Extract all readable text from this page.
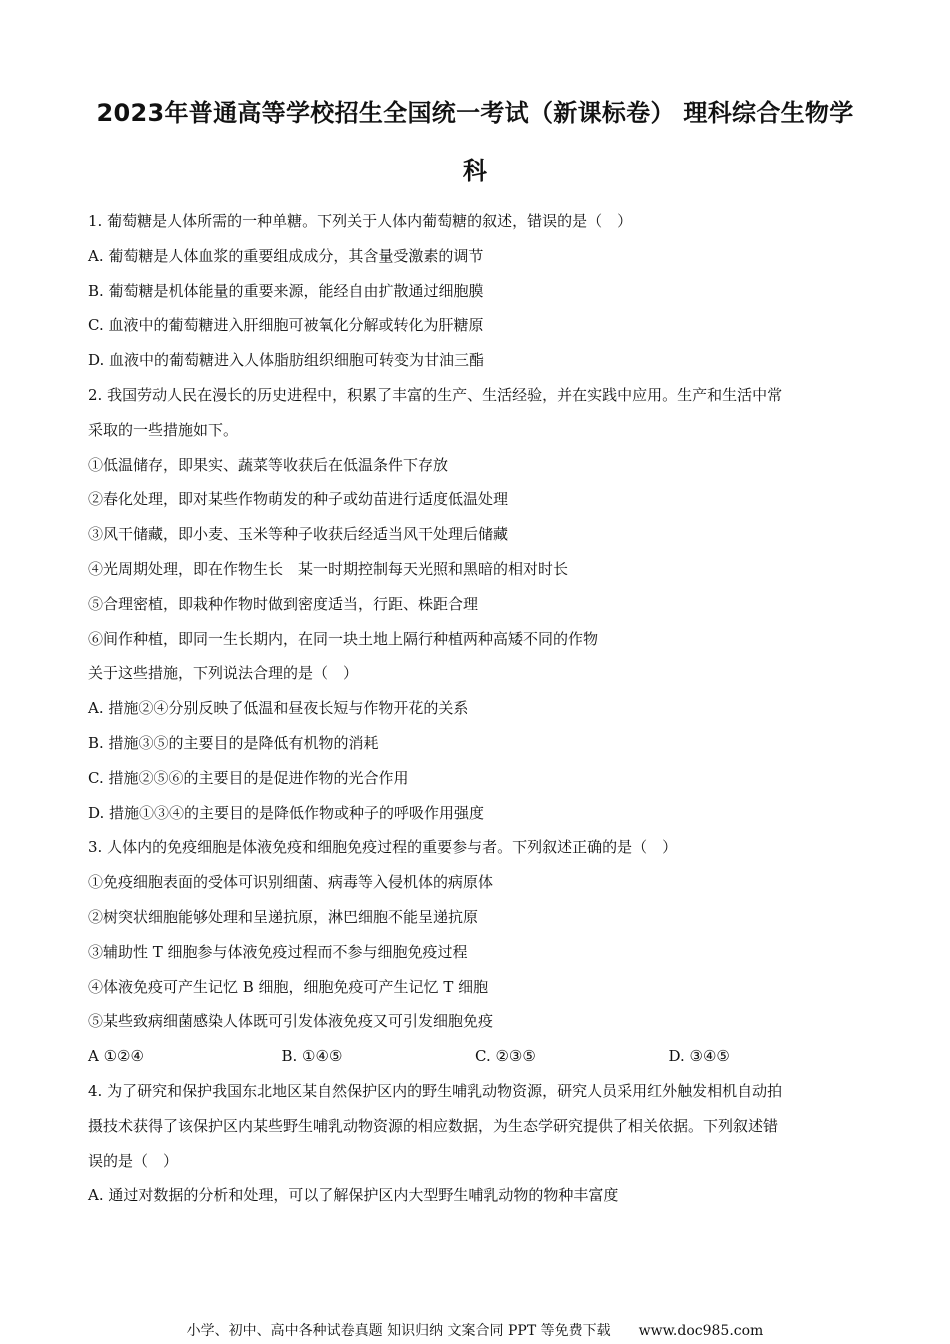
2023年普通高等学校招生全国统一考试（新课标卷） 理科综合生物学
科

1. 葡萄糖是人体所需的一种单糖。下列关于人体内葡萄糖的叙述，错误的是（　）

A. 葡萄糖是人体血浆的重要组成成分，其含量受激素的调节

B. 葡萄糖是机体能量的重要来源，能经自由扩散通过细胞膜

C. 血液中的葡萄糖进入肝细胞可被氧化分解或转化为肝糖原

D. 血液中的葡萄糖进入人体脂肪组织细胞可转变为甘油三酯

2. 我国劳动人民在漫长的历史进程中，积累了丰富的生产、生活经验，并在实践中应用。生产和生活中常

采取的一些措施如下。

①低温储存，即果实、蔬菜等收获后在低温条件下存放

②春化处理，即对某些作物萌发的种子或幼苗进行适度低温处理

③风干储藏，即小麦、玉米等种子收获后经适当风干处理后储藏

④光周期处理，即在作物生长　某一时期控制每天光照和黑暗的相对时长

⑤合理密植，即栽种作物时做到密度适当，行距、株距合理

⑥间作种植，即同一生长期内，在同一块土地上隔行种植两种高矮不同的作物

关于这些措施，下列说法合理的是（　）

A. 措施②④分别反映了低温和昼夜长短与作物开花的关系

B. 措施③⑤的主要目的是降低有机物的消耗

C. 措施②⑤⑥的主要目的是促进作物的光合作用

D. 措施①③④的主要目的是降低作物或种子的呼吸作用强度

3. 人体内的免疫细胞是体液免疫和细胞免疫过程的重要参与者。下列叙述正确的是（　）

①免疫细胞表面的受体可识别细菌、病毒等入侵机体的病原体

②树突状细胞能够处理和呈递抗原，淋巴细胞不能呈递抗原

③辅助性 T 细胞参与体液免疫过程而不参与细胞免疫过程

④体液免疫可产生记忆 B 细胞，细胞免疫可产生记忆 T 细胞

⑤某些致病细菌感染人体既可引发体液免疫又可引发细胞免疫

A ①②④	B. ①④⑤	C. ②③⑤	D. ③④⑤

4. 为了研究和保护我国东北地区某自然保护区内的野生哺乳动物资源，研究人员采用红外触发相机自动拍

摄技术获得了该保护区内某些野生哺乳动物资源的相应数据，为生态学研究提供了相关依据。下列叙述错

误的是（　）

A. 通过对数据的分析和处理，可以了解保护区内大型野生哺乳动物的物种丰富度

小学、初中、高中各种试卷真题 知识归纳 文案合同 PPT 等免费下载　　www.doc985.com
